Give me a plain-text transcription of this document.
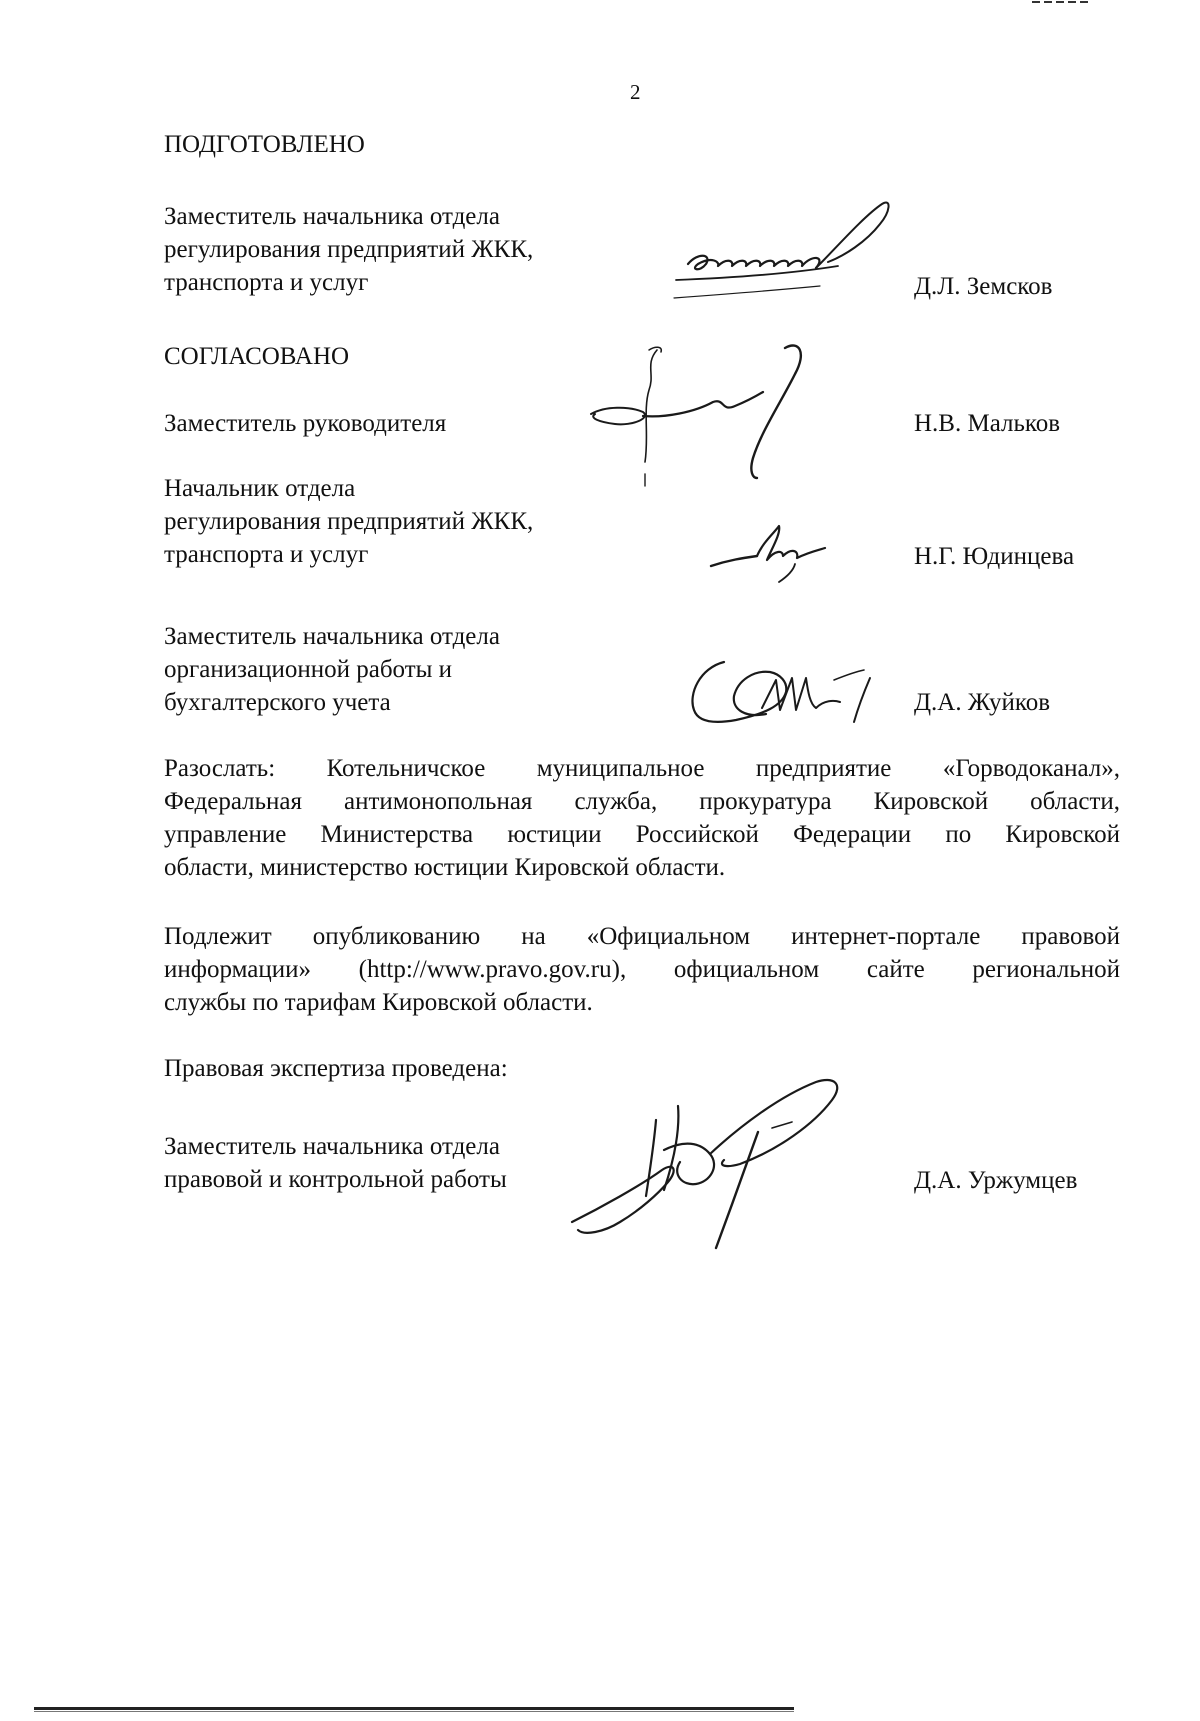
2
ПОДГОТОВЛЕНО
Заместитель начальника отдела
регулирования предприятий ЖКК,
транспорта и услуг	Д.Л. Земсков
СОГЛАСОВАНО
Заместитель руководителя	Н.В. Мальков
Начальник отдела
регулирования предприятий ЖКК,
транспорта и услуг	Н.Г. Юдинцева
Заместитель начальника отдела
организационной работы и
бухгалтерского учета	Д.А. Жуйков
Разослать: Котельничское муниципальное предприятие «Горводоканал»,
Федеральная антимонопольная служба, прокуратура Кировской области,
управление Министерства юстиции Российской Федерации по Кировской
области, министерство юстиции Кировской области.
Подлежит опубликованию на «Официальном интернет-портале правовой
информации» (http://www.pravo.gov.ru), официальном сайте региональной
службы по тарифам Кировской области.
Правовая экспертиза проведена:
Заместитель начальника отдела
правовой и контрольной работы	Д.А. Уржумцев
